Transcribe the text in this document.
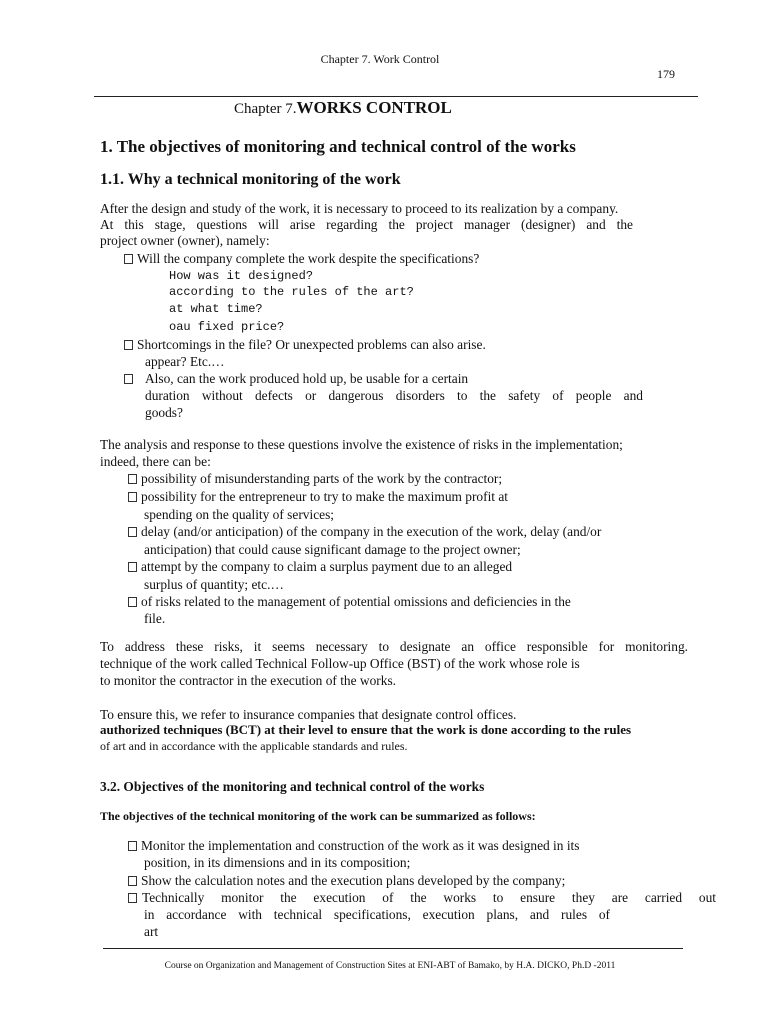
Chapter 7. Work Control
179
Chapter 7.WORKS CONTROL
1. The objectives of monitoring and technical control of the works
1.1. Why a technical monitoring of the work
After the design and study of the work, it is necessary to proceed to its realization by a company.
At this stage, questions will arise regarding the project manager (designer) and the
project owner (owner), namely:
Will the company complete the work despite the specifications?
How was it designed?
according to the rules of the art?
at what time?
oau fixed price?
Shortcomings in the file? Or unexpected problems can also arise.
appear? Etc.…
Also, can the work produced hold up, be usable for a certain
duration without defects or dangerous disorders to the safety of people and
goods?
The analysis and response to these questions involve the existence of risks in the implementation;
indeed, there can be:
possibility of misunderstanding parts of the work by the contractor;
possibility for the entrepreneur to try to make the maximum profit at
spending on the quality of services;
delay (and/or anticipation) of the company in the execution of the work, delay (and/or
anticipation) that could cause significant damage to the project owner;
attempt by the company to claim a surplus payment due to an alleged
surplus of quantity; etc.…
of risks related to the management of potential omissions and deficiencies in the
file.
To address these risks, it seems necessary to designate an office responsible for monitoring.
technique of the work called Technical Follow-up Office (BST) of the work whose role is
to monitor the contractor in the execution of the works.
To ensure this, we refer to insurance companies that designate control offices.
authorized techniques (BCT) at their level to ensure that the work is done according to the rules
of art and in accordance with the applicable standards and rules.
3.2. Objectives of the monitoring and technical control of the works
The objectives of the technical monitoring of the work can be summarized as follows:
Monitor the implementation and construction of the work as it was designed in its
position, in its dimensions and in its composition;
Show the calculation notes and the execution plans developed by the company;
Technically monitor the execution of the works to ensure they are carried out
in accordance with technical specifications, execution plans, and rules of
art
Course on Organization and Management of Construction Sites at ENI-ABT of Bamako, by H.A. DICKO, Ph.D -2011
